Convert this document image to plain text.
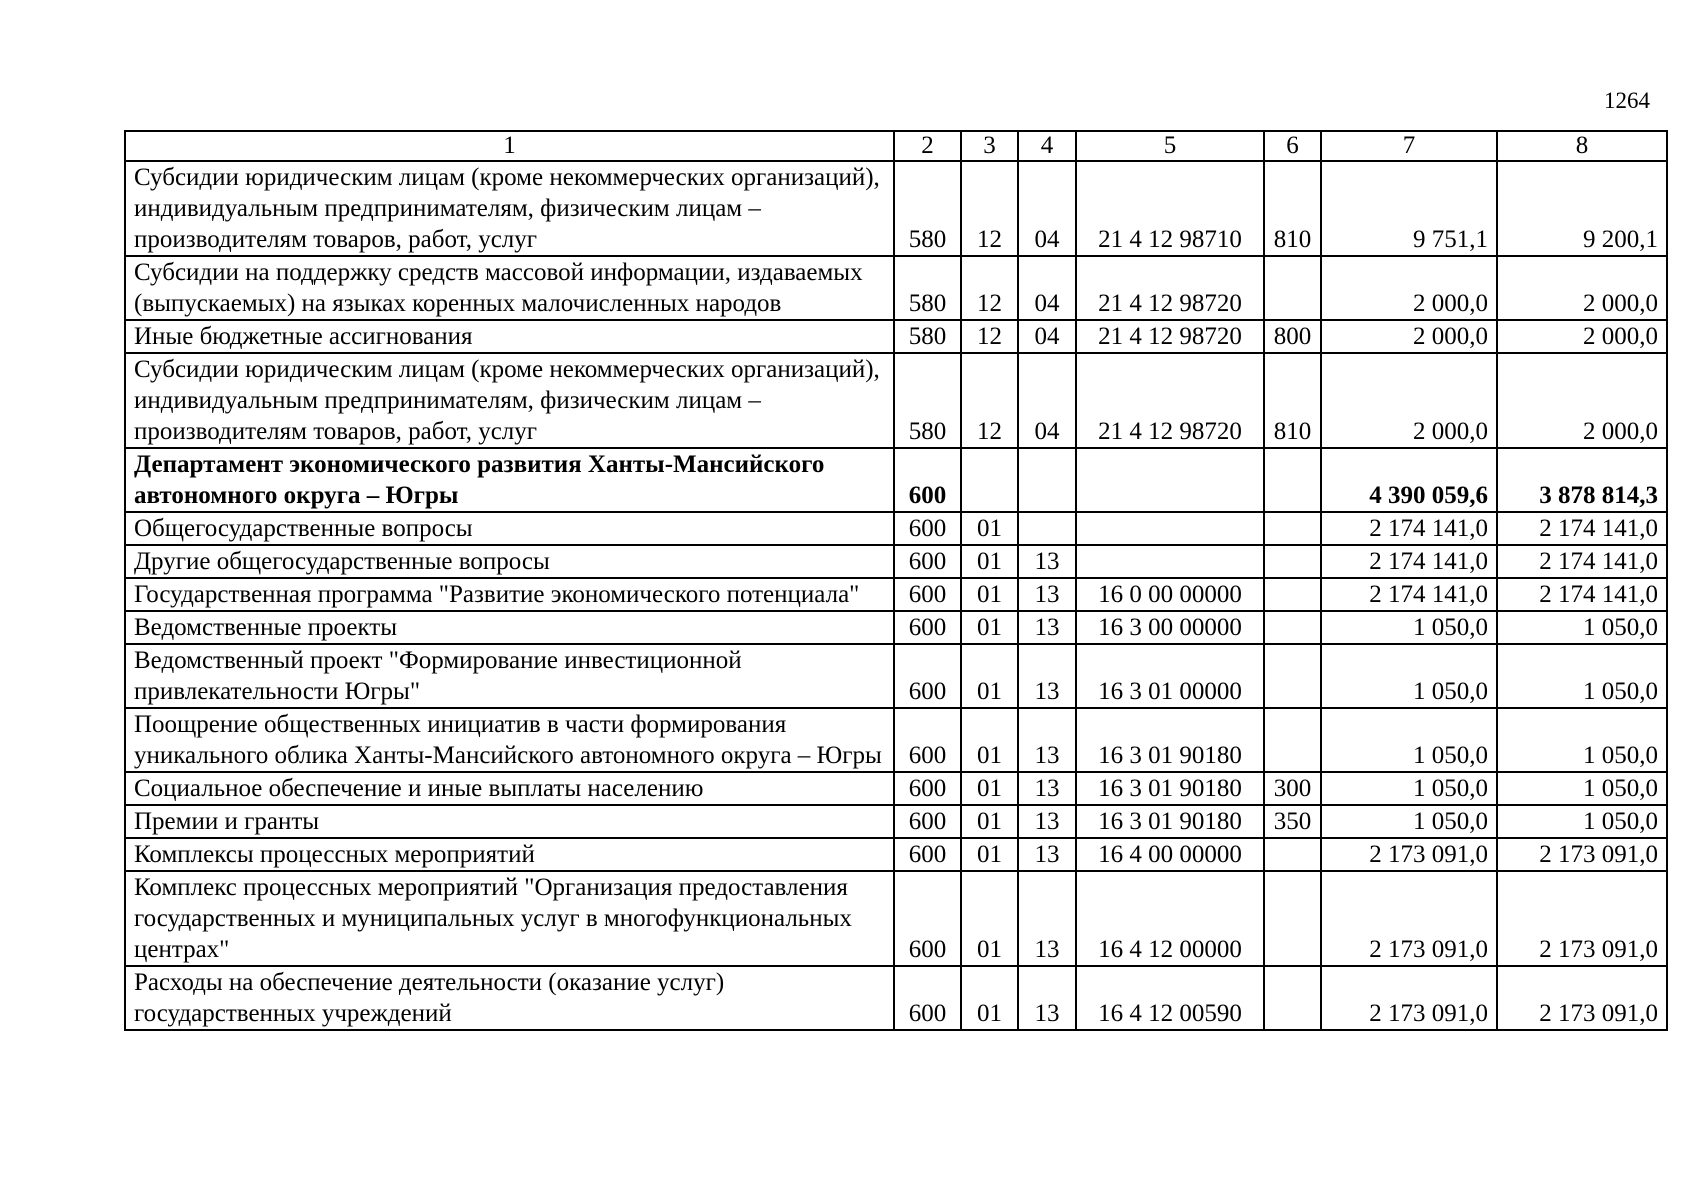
1264
1	2	3	4	5	6	7	8
Субсидии юридическим лицам (кроме некоммерческих организаций), индивидуальным предпринимателям, физическим лицам – производителям товаров, работ, услуг	580	12	04	21 4 12 98710	810	9 751,1	9 200,1
Субсидии на поддержку средств массовой информации, издаваемых (выпускаемых) на языках коренных малочисленных народов	580	12	04	21 4 12 98720		2 000,0	2 000,0
Иные бюджетные ассигнования	580	12	04	21 4 12 98720	800	2 000,0	2 000,0
Субсидии юридическим лицам (кроме некоммерческих организаций), индивидуальным предпринимателям, физическим лицам – производителям товаров, работ, услуг	580	12	04	21 4 12 98720	810	2 000,0	2 000,0
Департамент экономического развития Ханты-Мансийского автономного округа – Югры	600					4 390 059,6	3 878 814,3
Общегосударственные вопросы	600	01				2 174 141,0	2 174 141,0
Другие общегосударственные вопросы	600	01	13			2 174 141,0	2 174 141,0
Государственная программа "Развитие экономического потенциала"	600	01	13	16 0 00 00000		2 174 141,0	2 174 141,0
Ведомственные проекты	600	01	13	16 3 00 00000		1 050,0	1 050,0
Ведомственный проект "Формирование инвестиционной привлекательности Югры"	600	01	13	16 3 01 00000		1 050,0	1 050,0
Поощрение общественных инициатив в части формирования уникального облика Ханты-Мансийского автономного округа – Югры	600	01	13	16 3 01 90180		1 050,0	1 050,0
Социальное обеспечение и иные выплаты населению	600	01	13	16 3 01 90180	300	1 050,0	1 050,0
Премии и гранты	600	01	13	16 3 01 90180	350	1 050,0	1 050,0
Комплексы процессных мероприятий	600	01	13	16 4 00 00000		2 173 091,0	2 173 091,0
Комплекс процессных мероприятий "Организация предоставления государственных и муниципальных услуг в многофункциональных центрах"	600	01	13	16 4 12 00000		2 173 091,0	2 173 091,0
Расходы на обеспечение деятельности (оказание услуг) государственных учреждений	600	01	13	16 4 12 00590		2 173 091,0	2 173 091,0
